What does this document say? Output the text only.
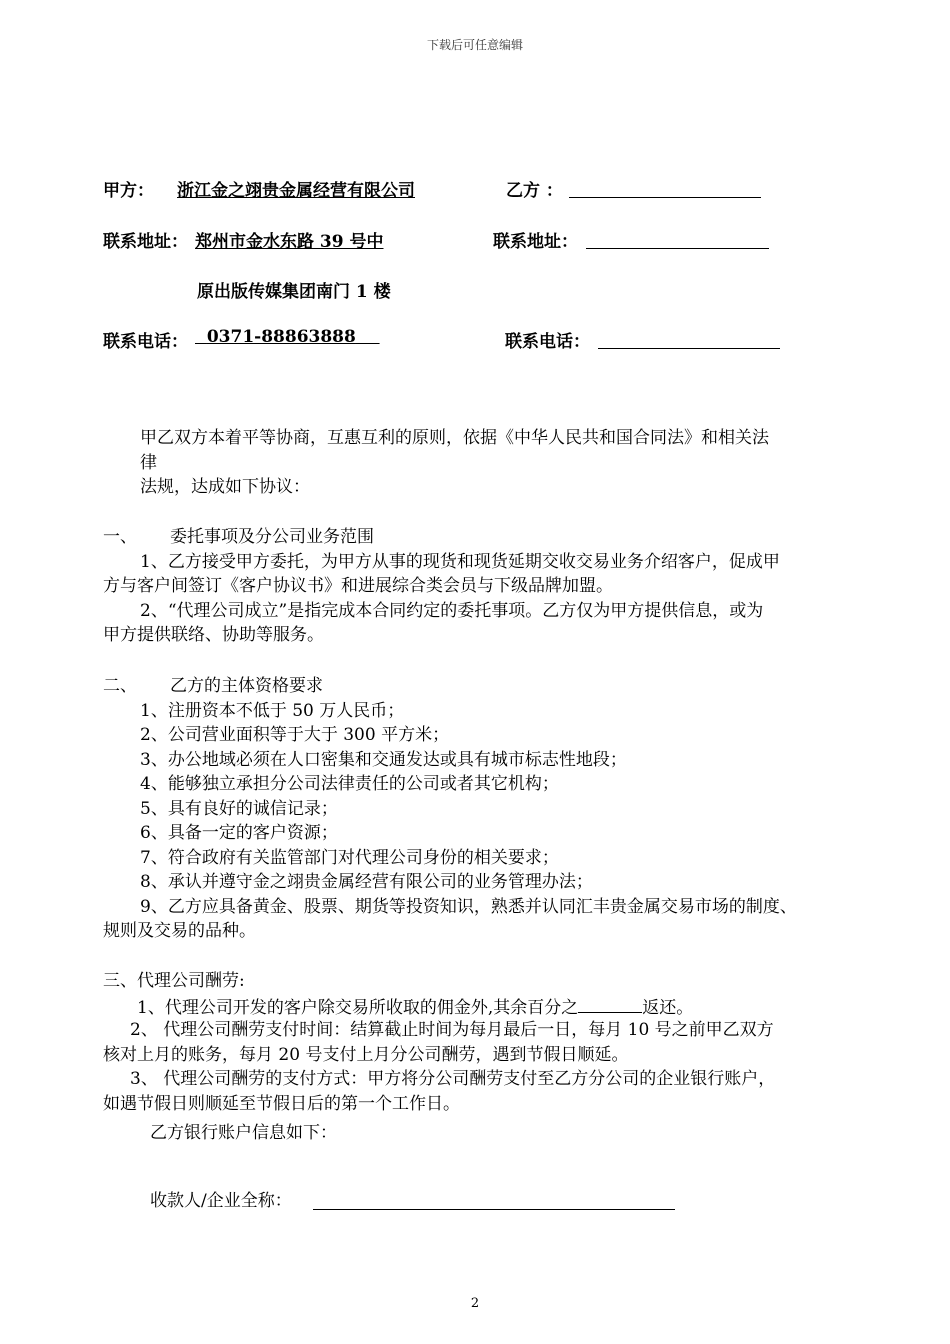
下载后可任意编辑
甲方： 浙江金之翊贵金属经营有限公司	乙方 ：
联系地址： 郑州市金水东路 39 号中	联系地址：
原出版传媒集团南门 1 楼
联系电话：	0371-88863888	联系电话：
甲乙双方本着平等协商，互惠互利的原则，依据《中华人民共和国合同法》和相关法
律
法规，达成如下协议：
一、 委托事项及分公司业务范围
1、乙方接受甲方委托，为甲方从事的现货和现货延期交收交易业务介绍客户，促成甲
方与客户间签订《客户协议书》和进展综合类会员与下级品牌加盟。
2、“代理公司成立”是指完成本合同约定的委托事项。乙方仅为甲方提供信息，或为
甲方提供联络、协助等服务。
二、 乙方的主体资格要求
1、注册资本不低于 50 万人民币；
2、公司营业面积等于大于 300 平方米；
3、办公地域必须在人口密集和交通发达或具有城市标志性地段；
4、能够独立承担分公司法律责任的公司或者其它机构；
5、具有良好的诚信记录；
6、具备一定的客户资源；
7、符合政府有关监管部门对代理公司身份的相关要求；
8、承认并遵守金之翊贵金属经营有限公司的业务管理办法；
9、乙方应具备黄金、股票、期货等投资知识，熟悉并认同汇丰贵金属交易市场的制度、
规则及交易的品种。
三、代理公司酬劳:
1、代理公司开发的客户除交易所收取的佣金外,其余百分之	返还。
2、 代理公司酬劳支付时间：结算截止时间为每月最后一日，每月 10 号之前甲乙双方
核对上月的账务，每月 20 号支付上月分公司酬劳，遇到节假日顺延。
3、 代理公司酬劳的支付方式：甲方将分公司酬劳支付至乙方分公司的企业银行账户，
如遇节假日则顺延至节假日后的第一个工作日。
乙方银行账户信息如下：
收款人/企业全称：
2
